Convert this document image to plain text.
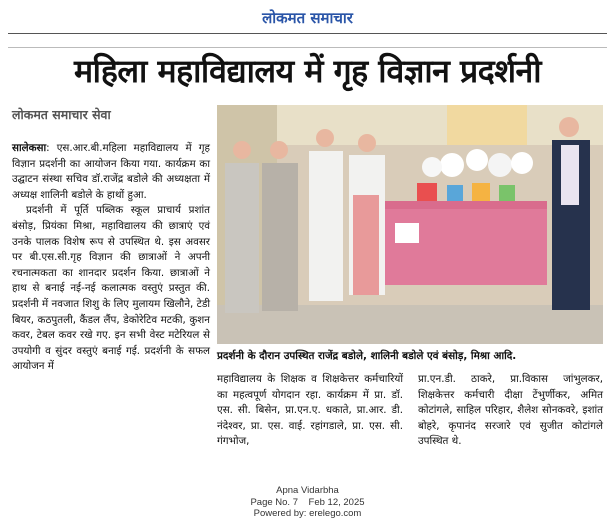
लोकमत समाचार
महिला महाविद्यालय में गृह विज्ञान प्रदर्शनी
लोकमत समाचार सेवा

सालेकसा: एस.आर.बी.महिला महाविद्यालय में गृह विज्ञान प्रदर्शनी का आयोजन किया गया. कार्यक्रम का उद्घाटन संस्था सचिव डॉ.राजेंद्र बडोले की अध्यक्षता में अध्यक्ष शालिनी बडोले के हाथों हुआ.

प्रदर्शनी में पूर्ति पब्लिक स्कूल प्राचार्य प्रशांत बंसोड़, प्रियंका मिश्रा, महाविद्यालय की छात्राएं एवं उनके पालक विशेष रूप से उपस्थित थे. इस अवसर पर बी.एस.सी.गृह विज्ञान की छात्राओं ने अपनी रचनात्मकता का शानदार प्रदर्शन किया. छात्राओं ने हाथ से बनाई नई-नई कलात्मक वस्तुएं प्रस्तुत की. प्रदर्शनी में नवजात शिशु के लिए मुलायम खिलौने, टेडी बियर, कठपुतली, कैंडल लैंप, डेकोरेटिव मटकी, कुशन कवर, टेबल कवर रखे गए. इन सभी वेस्ट मटेरियल से उपयोगी व सुंदर वस्तुएं बनाई गई. प्रदर्शनी के सफल आयोजन में

प्रदर्शनी के दौरान उपस्थित राजेंद्र बडोले, शालिनी बडोले एवं बंसोड़, मिश्रा आदि.

महाविद्यालय के शिक्षक व शिक्षकेत्तर कर्मचारियों का महत्वपूर्ण योगदान रहा. कार्यक्रम में प्रा. डॉ. एस. सी. बिसेन, प्रा.एन.ए. धकाते, प्रा.आर. डी. नंदेश्वर, प्रा. एस. वाई. रहांगडाले, प्रा. एस. सी. गंगभोज,

प्रा.एन.डी. ठाकरे, प्रा.विकास जांभुलकर, शिक्षकेत्तर कर्मचारी दीक्षा टेंभुर्णीकर, अमित कोटांगले, साहिल परिहार, शैलेश सोनकवरे, इशांत बोहरे, कृपानंद सरजारे एवं सुजीत कोटांगले उपस्थित थे.

Apna Vidarbha
Page No. 7    Feb 12, 2025
Powered by: erelego.com
